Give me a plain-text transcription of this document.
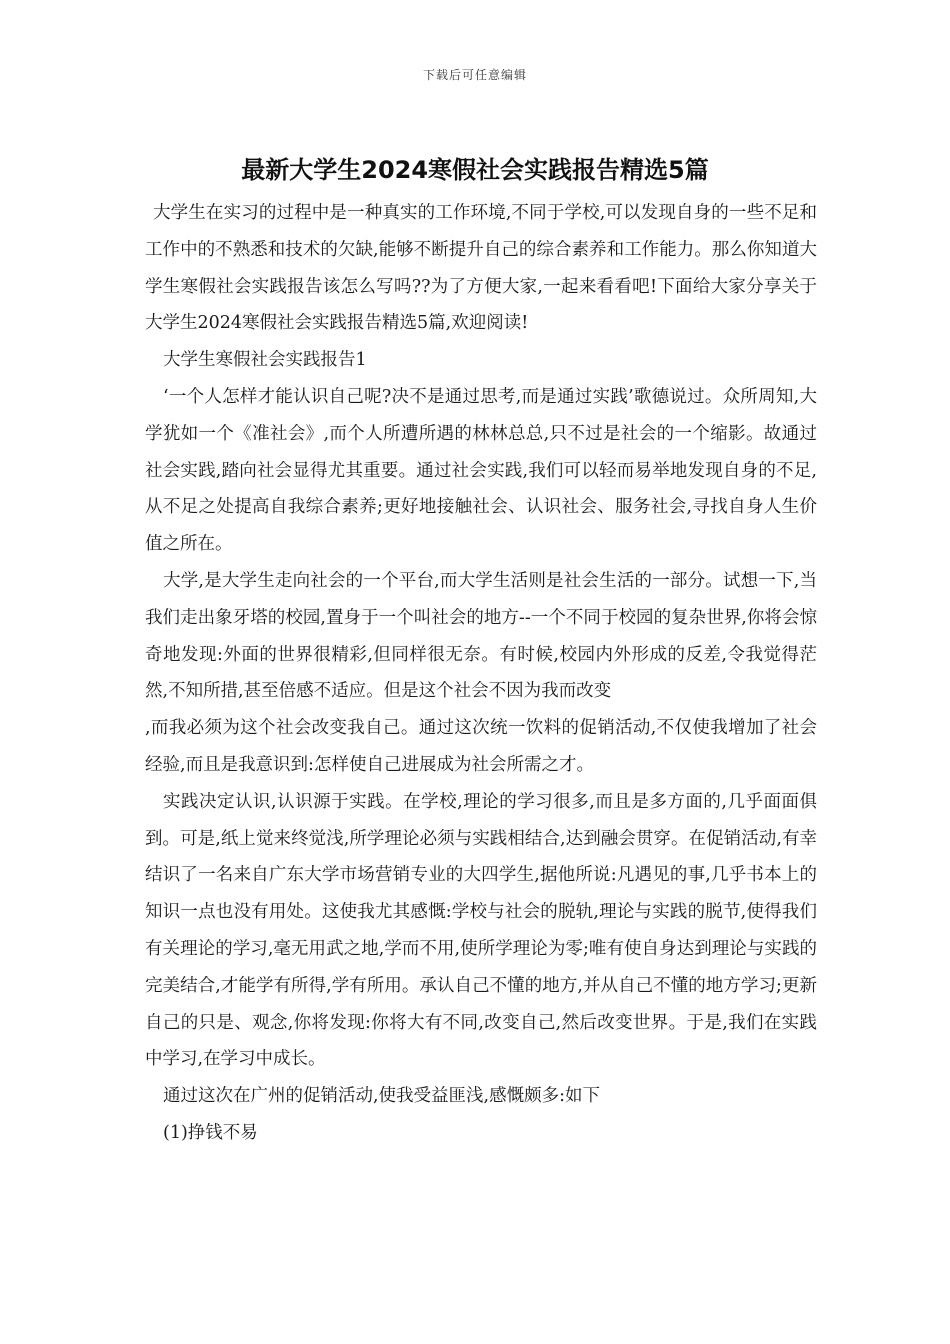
下载后可任意编辑
最新大学生2024寒假社会实践报告精选5篇

大学生在实习的过程中是一种真实的工作环境,不同于学校,可以发现自身的一些不足和工作中的不熟悉和技术的欠缺,能够不断提升自己的综合素养和工作能力。那么你知道大学生寒假社会实践报告该怎么写吗??为了方便大家,一起来看看吧!下面给大家分享关于大学生2024寒假社会实践报告精选5篇,欢迎阅读!

大学生寒假社会实践报告1

‘一个人怎样才能认识自己呢?决不是通过思考,而是通过实践’歌德说过。众所周知,大学犹如一个《准社会》,而个人所遭所遇的林林总总,只不过是社会的一个缩影。故通过社会实践,踏向社会显得尤其重要。通过社会实践,我们可以轻而易举地发现自身的不足,从不足之处提高自我综合素养;更好地接触社会、认识社会、服务社会,寻找自身人生价值之所在。

大学,是大学生走向社会的一个平台,而大学生活则是社会生活的一部分。试想一下,当我们走出象牙塔的校园,置身于一个叫社会的地方--一个不同于校园的复杂世界,你将会惊奇地发现:外面的世界很精彩,但同样很无奈。有时候,校园内外形成的反差,令我觉得茫然,不知所措,甚至倍感不适应。但是这个社会不因为我而改变

,而我必须为这个社会改变我自己。通过这次统一饮料的促销活动,不仅使我增加了社会经验,而且是我意识到:怎样使自己进展成为社会所需之才。

实践决定认识,认识源于实践。在学校,理论的学习很多,而且是多方面的,几乎面面俱到。可是,纸上觉来终觉浅,所学理论必须与实践相结合,达到融会贯穿。在促销活动,有幸结识了一名来自广东大学市场营销专业的大四学生,据他所说:凡遇见的事,几乎书本上的知识一点也没有用处。这使我尤其感慨:学校与社会的脱轨,理论与实践的脱节,使得我们有关理论的学习,毫无用武之地,学而不用,使所学理论为零;唯有使自身达到理论与实践的完美结合,才能学有所得,学有所用。承认自己不懂的地方,并从自己不懂的地方学习;更新自己的只是、观念,你将发现:你将大有不同,改变自己,然后改变世界。于是,我们在实践中学习,在学习中成长。

通过这次在广州的促销活动,使我受益匪浅,感慨颇多:如下

(1)挣钱不易
